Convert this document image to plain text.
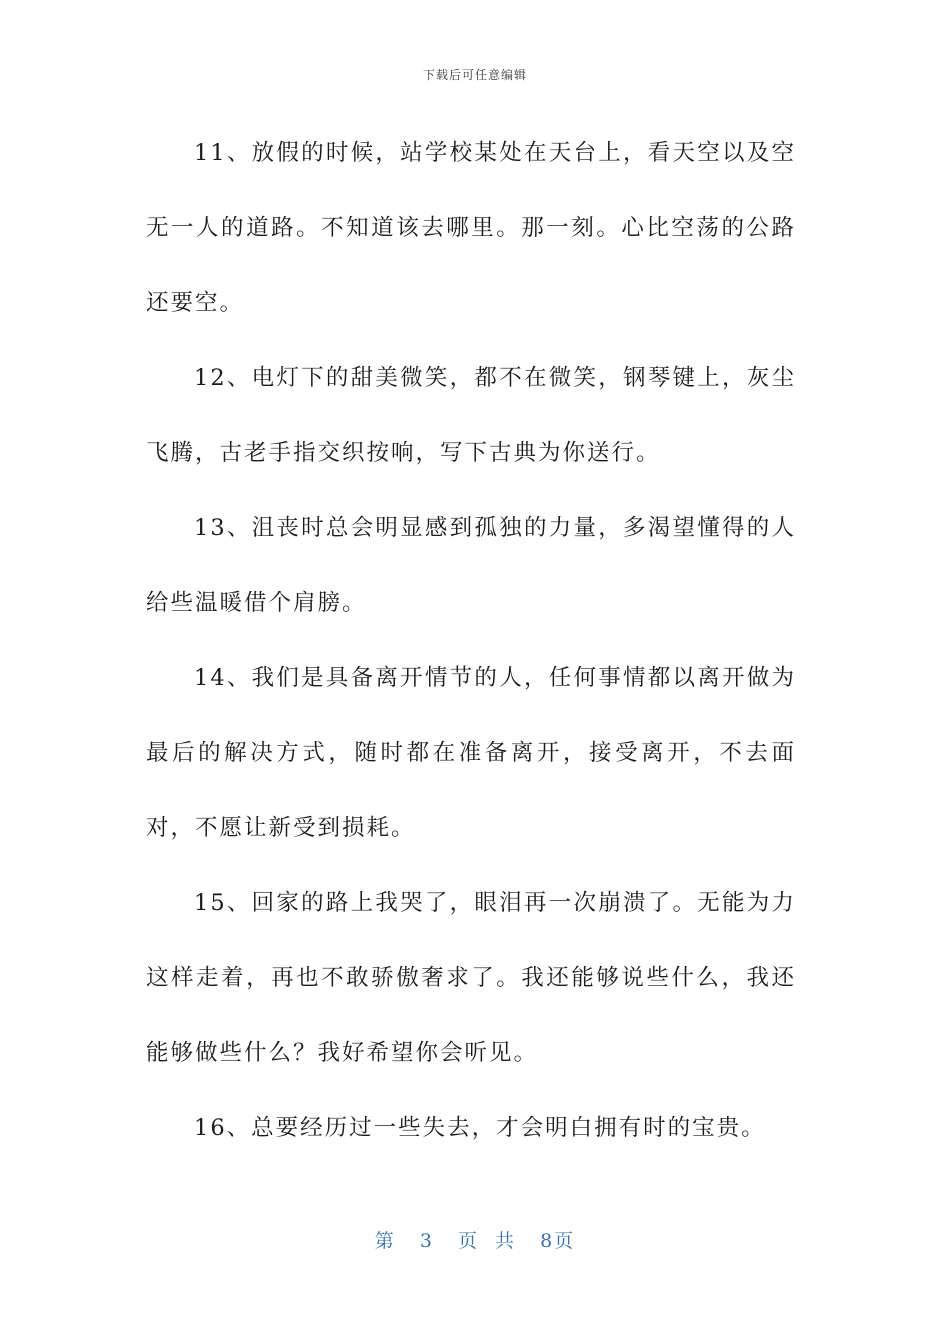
下载后可任意编辑

11、放假的时候，站学校某处在天台上，看天空以及空无一人的道路。不知道该去哪里。那一刻。心比空荡的公路还要空。

12、电灯下的甜美微笑，都不在微笑，钢琴键上，灰尘飞腾，古老手指交织按响，写下古典为你送行。

13、沮丧时总会明显感到孤独的力量，多渴望懂得的人给些温暖借个肩膀。

14、我们是具备离开情节的人，任何事情都以离开做为最后的解决方式，随时都在准备离开，接受离开，不去面对，不愿让新受到损耗。

15、回家的路上我哭了，眼泪再一次崩溃了。无能为力这样走着，再也不敢骄傲奢求了。我还能够说些什么，我还能够做些什么？我好希望你会听见。

16、总要经历过一些失去，才会明白拥有时的宝贵。

第 3 页 共 8页
